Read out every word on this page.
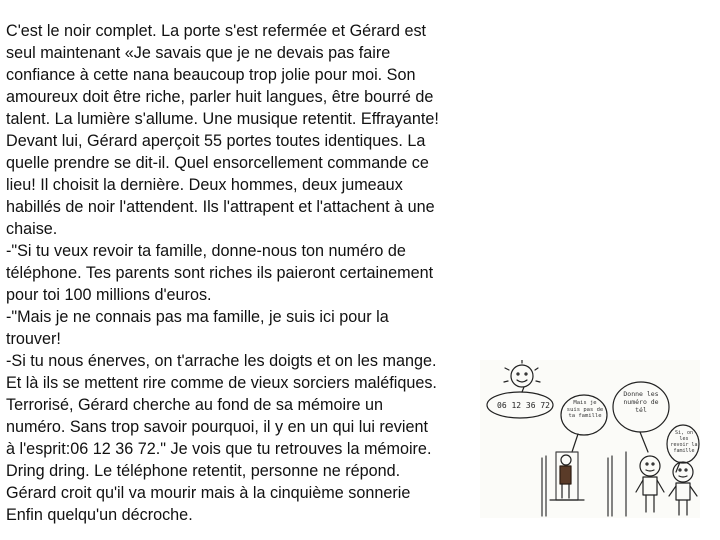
C'est le noir complet. La porte s'est refermée et Gérard est
seul maintenant «Je savais que je ne devais pas faire
confiance à cette nana beaucoup trop jolie pour moi. Son
amoureux doit être riche, parler huit langues, être bourré de
talent. La lumière s'allume. Une musique retentit. Effrayante!
Devant lui, Gérard aperçoit 55 portes toutes identiques. La
quelle prendre se dit-il. Quel ensorcellement commande ce
lieu! Il choisit la dernière. Deux hommes, deux jumeaux
habillés de noir l'attendent. Ils l'attrapent et l'attachent à une
chaise.
-"Si tu veux revoir ta famille, donne-nous ton numéro de
téléphone. Tes parents sont riches ils paieront certainement
pour toi 100 millions d'euros.
-"Mais je ne connais pas ma famille, je suis ici pour la
trouver!
-Si tu nous énerves, on t'arrache les doigts et on les mange.
Et là ils se mettent rire comme de vieux sorciers maléfiques.
Terrorisé, Gérard cherche au fond de sa mémoire un
numéro. Sans trop savoir pourquoi, il y en un qui lui revient
à l'esprit:06 12 36 72." Je vois que tu retrouves la mémoire.
Dring dring. Le téléphone retentit, personne ne répond.
Gérard croit qu'il va mourir mais à la cinquième sonnerie
Enfin quelqu'un décroche.
06 12 36 72	Mais je suis pas de ta famille
Donne les numéro de tél
Si, on les revoir la famille
